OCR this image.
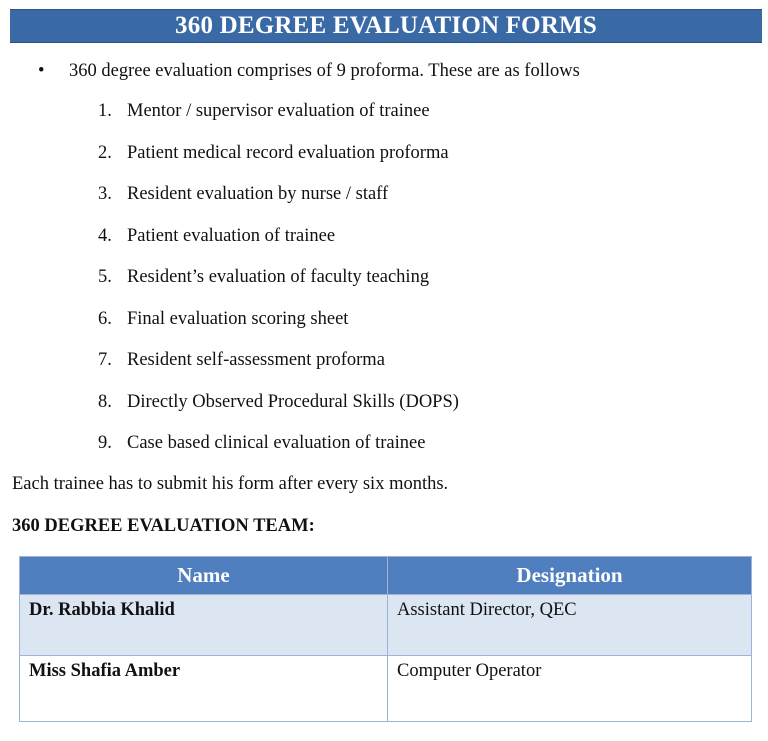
360 DEGREE EVALUATION FORMS
• 360 degree evaluation comprises of 9 proforma. These are as follows
1. Mentor / supervisor evaluation of trainee
2. Patient medical record evaluation proforma
3. Resident evaluation by nurse / staff
4. Patient evaluation of trainee
5. Resident’s evaluation of faculty teaching
6. Final evaluation scoring sheet
7. Resident self-assessment proforma
8. Directly Observed Procedural Skills (DOPS)
9. Case based clinical evaluation of trainee
Each trainee has to submit his form after every six months.
360 DEGREE EVALUATION TEAM:
Name	Designation
Dr. Rabbia Khalid	Assistant Director, QEC
Miss Shafia Amber	Computer Operator
